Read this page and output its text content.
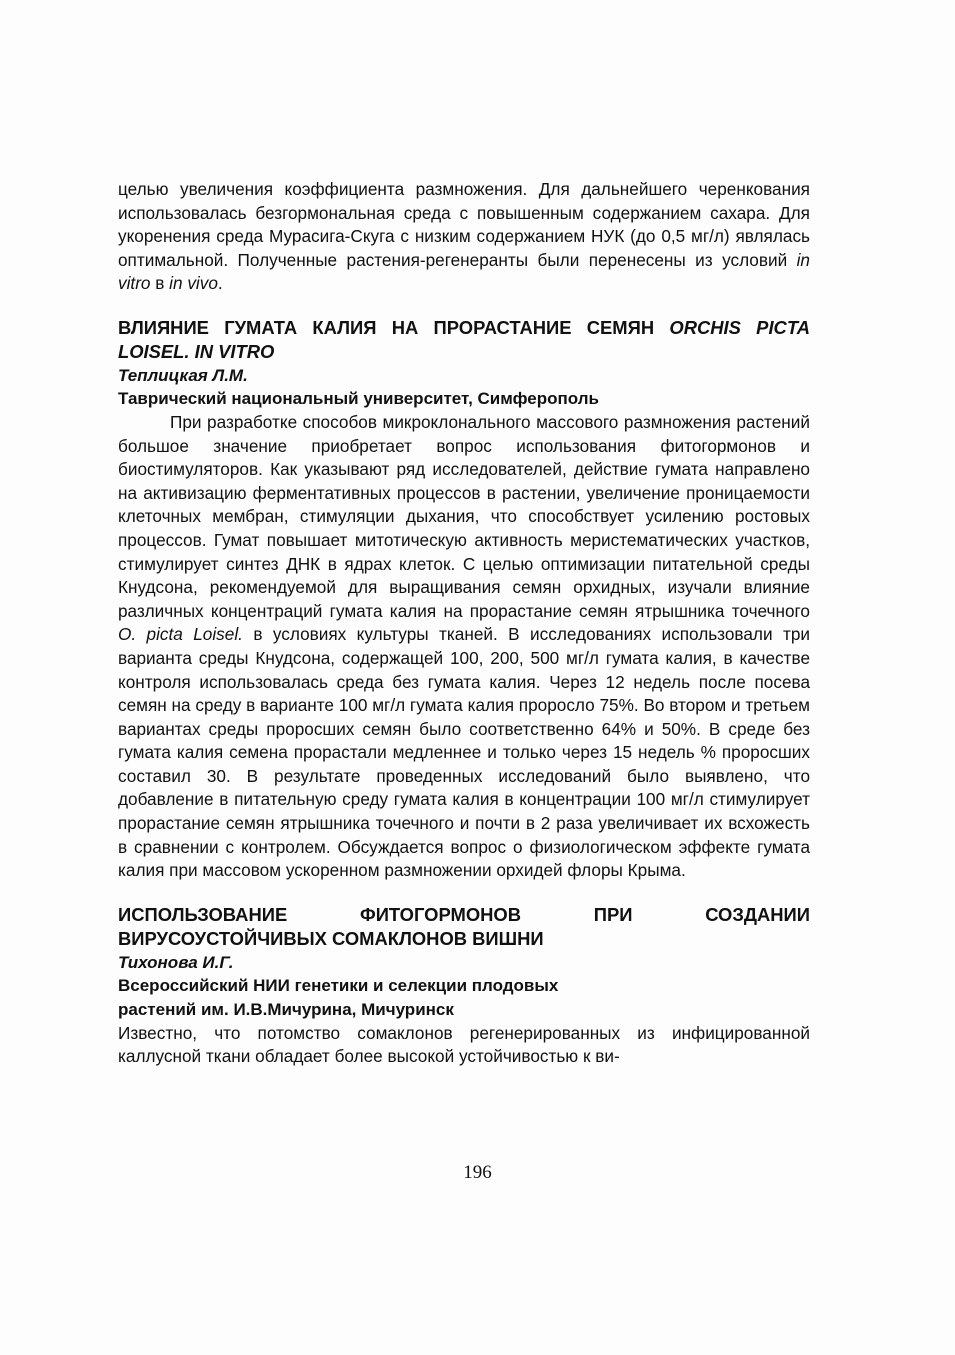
целью увеличения коэффициента размножения. Для дальнейшего черенкования использовалась безгормональная среда с повышенным содержанием сахара. Для укоренения среда Мурасига-Скуга с низким содержанием НУК (до 0,5 мг/л) являлась оптимальной. Полученные растения-регенеранты были перенесены из условий in vitro в in vivo.

ВЛИЯНИЕ ГУМАТА КАЛИЯ НА ПРОРАСТАНИЕ СЕМЯН ORCHIS PICTA LOISEL. IN VITRO

Теплицкая Л.М.

Таврический национальный университет, Симферополь

При разработке способов микроклонального массового размножения растений большое значение приобретает вопрос использования фитогормонов и биостимуляторов. Как указывают ряд исследователей, действие гумата направлено на активизацию ферментативных процессов в растении, увеличение проницаемости клеточных мембран, стимуляции дыхания, что способствует усилению ростовых процессов. Гумат повышает митотическую активность меристематических участков, стимулирует синтез ДНК в ядрах клеток. С целью оптимизации питательной среды Кнудсона, рекомендуемой для выращивания семян орхидных, изучали влияние различных концентраций гумата калия на прорастание семян ятрышника точечного O. picta Loisel. в условиях культуры тканей. В исследованиях использовали три варианта среды Кнудсона, содержащей 100, 200, 500 мг/л гумата калия, в качестве контроля использовалась среда без гумата калия. Через 12 недель после посева семян на среду в варианте 100 мг/л гумата калия проросло 75%. Во втором и третьем вариантах среды проросших семян было соответственно 64% и 50%. В среде без гумата калия семена прорастали медленнее и только через 15 недель % проросших составил 30. В результате проведенных исследований было выявлено, что добавление в питательную среду гумата калия в концентрации 100 мг/л стимулирует прорастание семян ятрышника точечного и почти в 2 раза увеличивает их всхожесть в сравнении с контролем. Обсуждается вопрос о физиологическом эффекте гумата калия при массовом ускоренном размножении орхидей флоры Крыма.

ИСПОЛЬЗОВАНИЕ ФИТОГОРМОНОВ ПРИ СОЗДАНИИ ВИРУСОУСТОЙЧИВЫХ СОМАКЛОНОВ ВИШНИ

Тихонова И.Г.

Всероссийский НИИ генетики и селекции плодовых

растений им. И.В.Мичурина, Мичуринск

Известно, что потомство сомаклонов регенерированных из инфицированной каллусной ткани обладает более высокой устойчивостью к ви-

196
